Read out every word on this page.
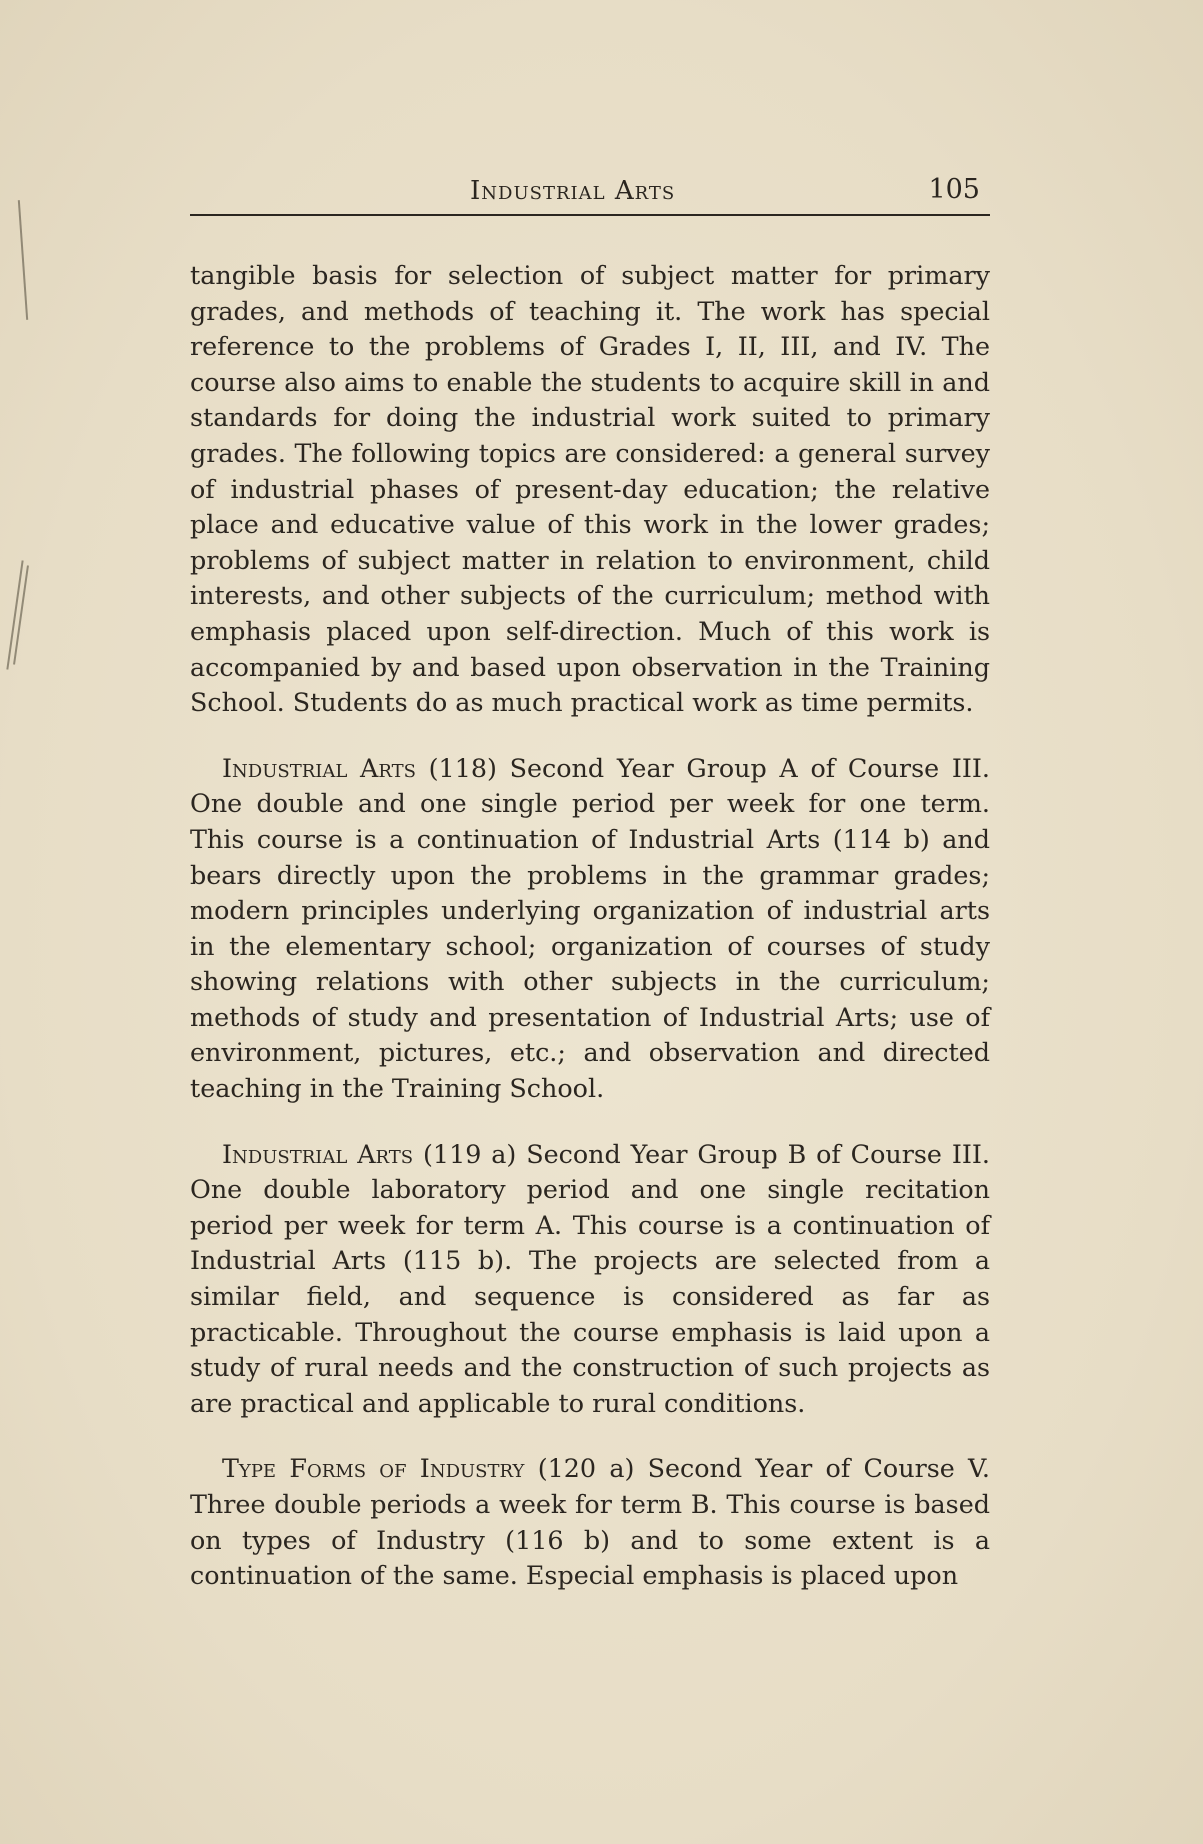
Industrial Arts	105

tangible basis for selection of subject matter for primary grades, and methods of teaching it. The work has special reference to the problems of Grades I, II, III, and IV. The course also aims to enable the students to acquire skill in and standards for doing the industrial work suited to primary grades. The following topics are considered: a general survey of industrial phases of present-day education; the relative place and educative value of this work in the lower grades; problems of subject matter in relation to environment, child interests, and other subjects of the curriculum; method with emphasis placed upon self-direction. Much of this work is accompanied by and based upon observation in the Training School. Students do as much practical work as time permits.

Industrial Arts (118) Second Year Group A of Course III. One double and one single period per week for one term. This course is a continuation of Industrial Arts (114 b) and bears directly upon the problems in the grammar grades; modern principles underlying organization of industrial arts in the elementary school; organization of courses of study showing relations with other subjects in the curriculum; methods of study and presentation of Industrial Arts; use of environment, pictures, etc.; and observation and directed teaching in the Training School.

Industrial Arts (119 a) Second Year Group B of Course III. One double laboratory period and one single recitation period per week for term A. This course is a continuation of Industrial Arts (115 b). The projects are selected from a similar field, and sequence is considered as far as practicable. Throughout the course emphasis is laid upon a study of rural needs and the construction of such projects as are practical and applicable to rural conditions.

Type Forms of Industry (120 a) Second Year of Course V. Three double periods a week for term B. This course is based on types of Industry (116 b) and to some extent is a continuation of the same. Especial emphasis is placed upon
